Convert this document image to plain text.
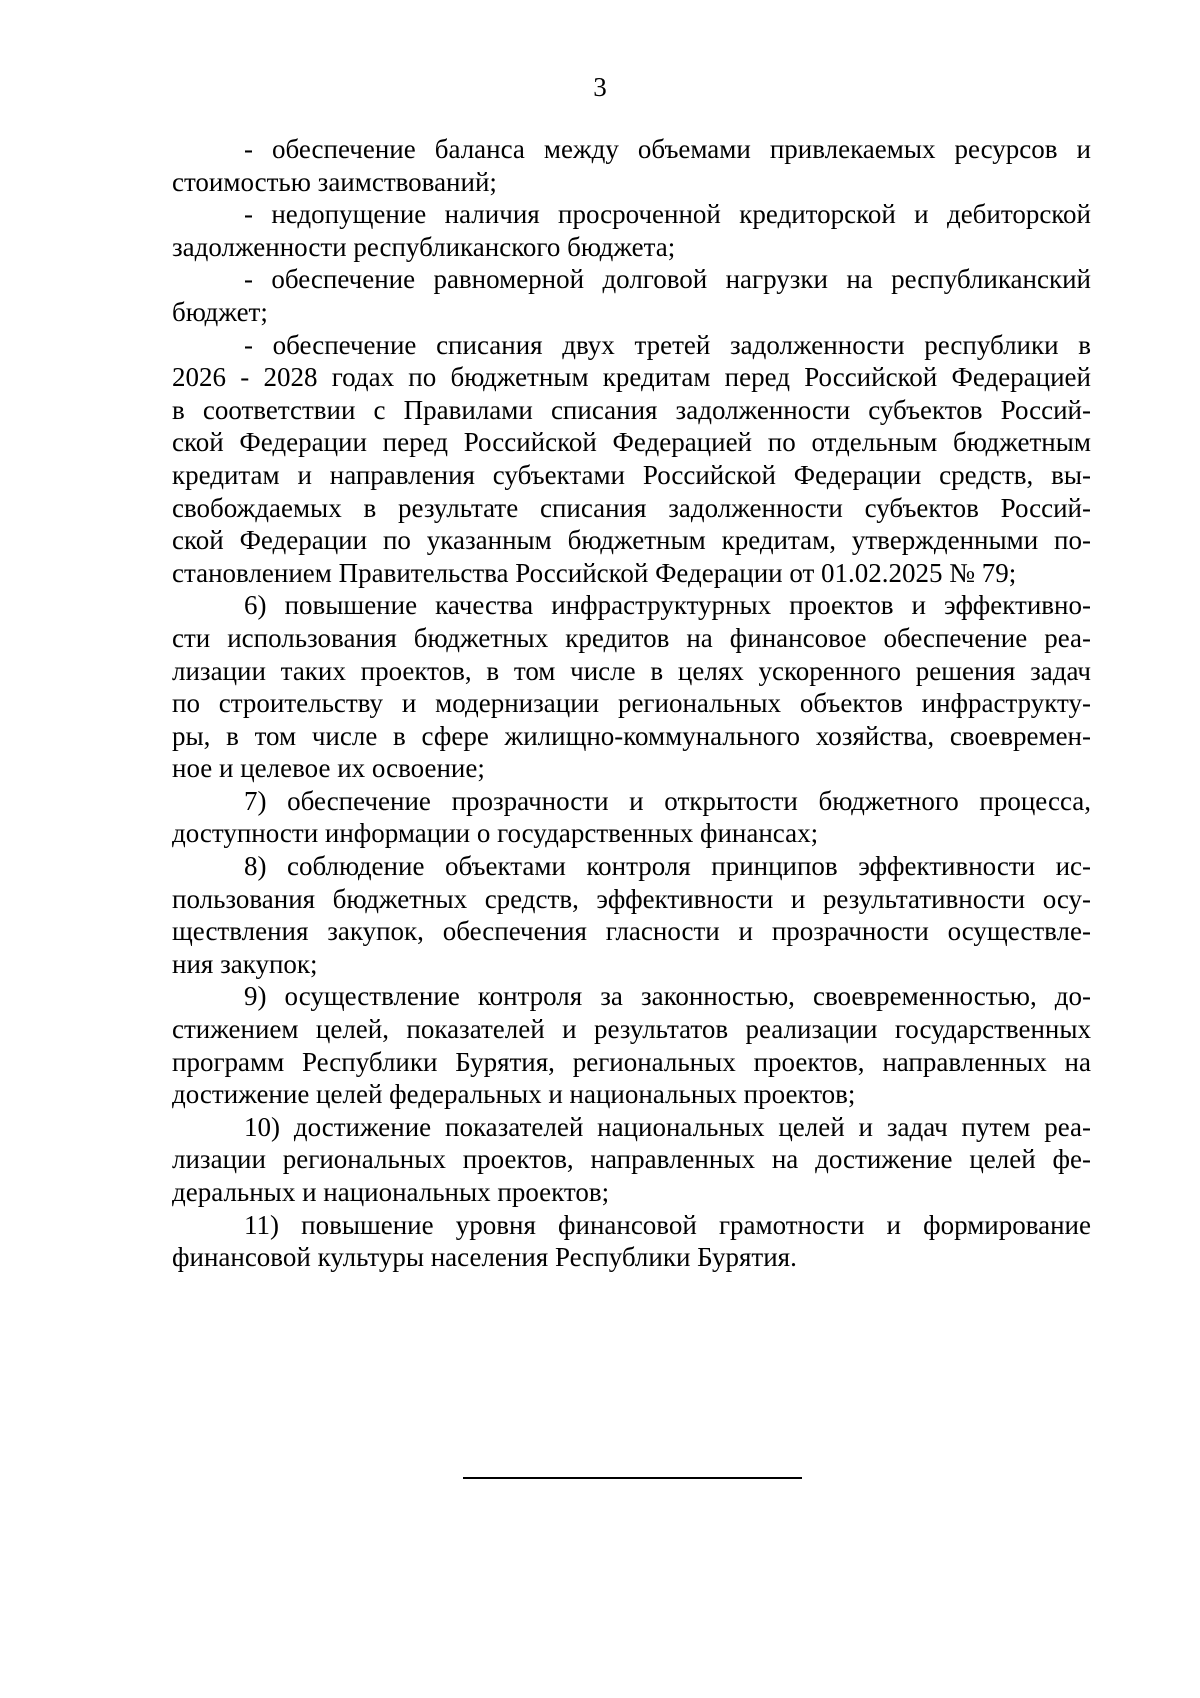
3

- обеспечение баланса между объемами привлекаемых ресурсов и
стоимостью заимствований;

- недопущение наличия просроченной кредиторской и дебиторской
задолженности республиканского бюджета;

- обеспечение равномерной долговой нагрузки на республиканский
бюджет;

- обеспечение списания двух третей задолженности республики в
2026 - 2028 годах по бюджетным кредитам перед Российской Федерацией
в соответствии с Правилами списания задолженности субъектов Россий-
ской Федерации перед Российской Федерацией по отдельным бюджетным
кредитам и направления субъектами Российской Федерации средств, вы-
свобождаемых в результате списания задолженности субъектов Россий-
ской Федерации по указанным бюджетным кредитам, утвержденными по-
становлением Правительства Российской Федерации от 01.02.2025 № 79;

6) повышение качества инфраструктурных проектов и эффективно-
сти использования бюджетных кредитов на финансовое обеспечение реа-
лизации таких проектов, в том числе в целях ускоренного решения задач
по строительству и модернизации региональных объектов инфраструкту-
ры, в том числе в сфере жилищно-коммунального хозяйства, своевремен-
ное и целевое их освоение;

7) обеспечение прозрачности и открытости бюджетного процесса,
доступности информации о государственных финансах;

8) соблюдение объектами контроля принципов эффективности ис-
пользования бюджетных средств, эффективности и результативности осу-
ществления закупок, обеспечения гласности и прозрачности осуществле-
ния закупок;

9) осуществление контроля за законностью, своевременностью, до-
стижением целей, показателей и результатов реализации государственных
программ Республики Бурятия, региональных проектов, направленных на
достижение целей федеральных и национальных проектов;

10) достижение показателей национальных целей и задач путем реа-
лизации региональных проектов, направленных на достижение целей фе-
деральных и национальных проектов;

11) повышение уровня финансовой грамотности и формирование
финансовой культуры населения Республики Бурятия.
